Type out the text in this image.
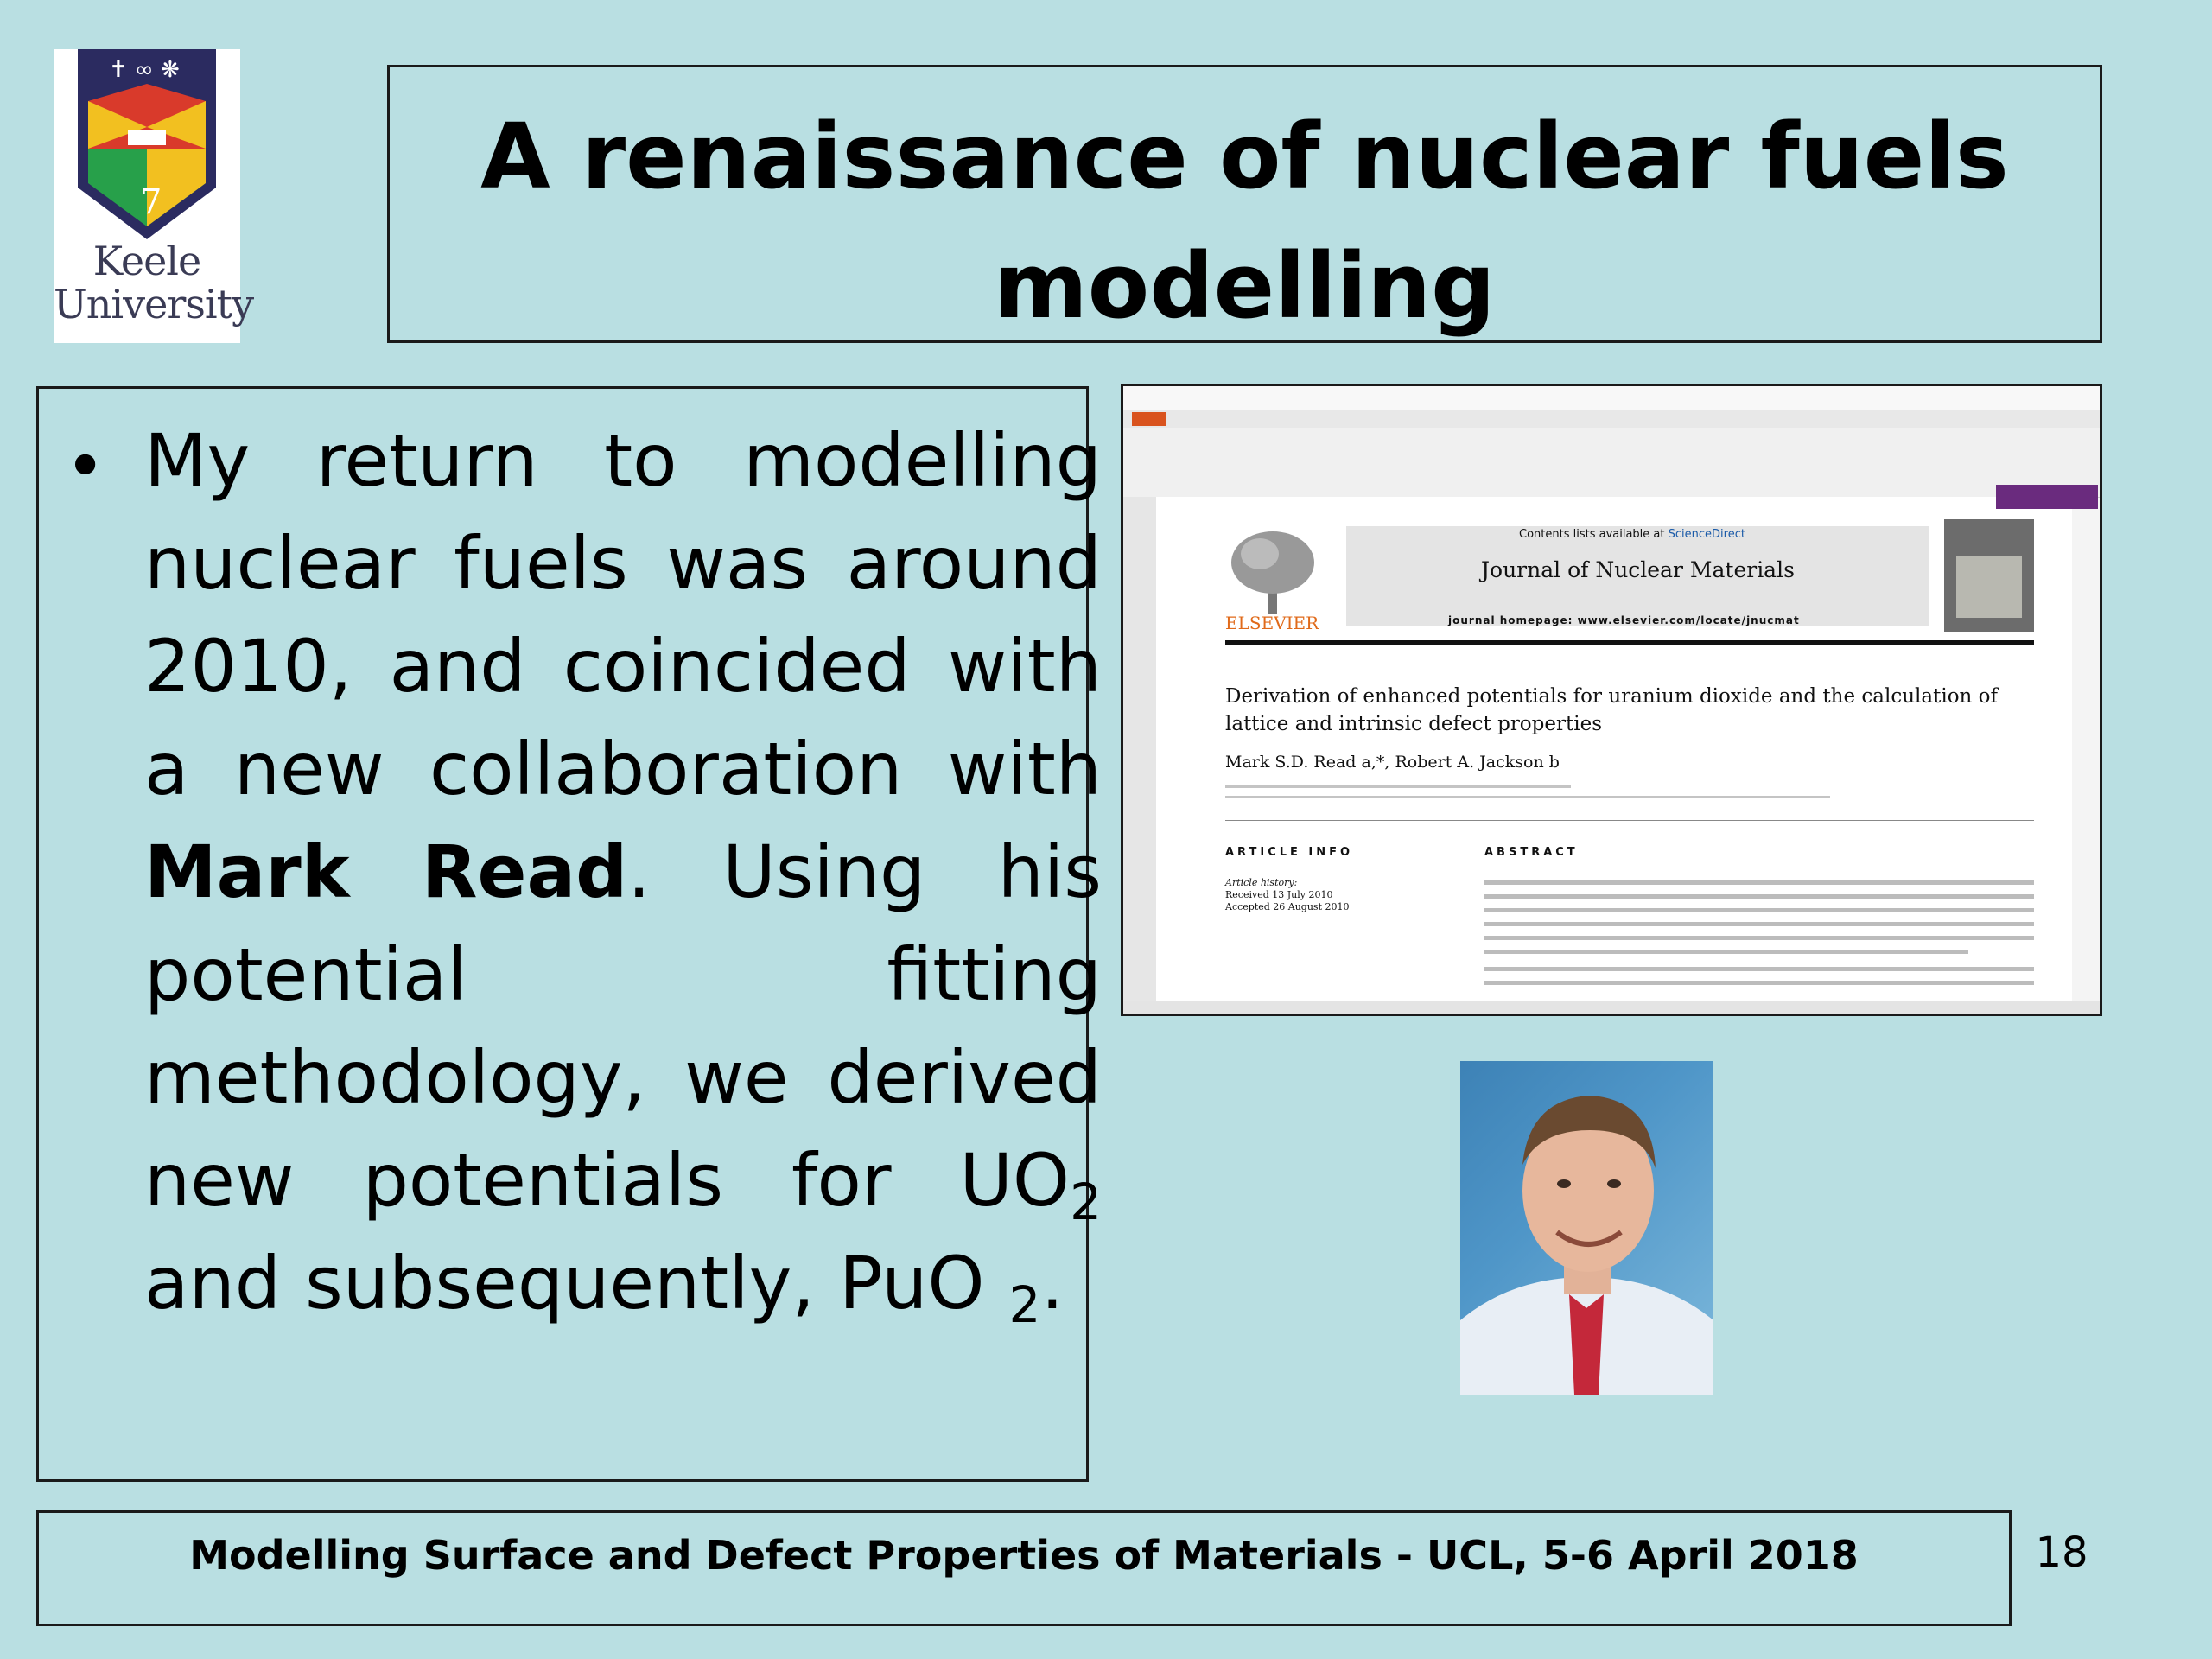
✝ ∞ ❋
7
Keele
University
A renaissance of nuclear fuels
modelling
• My return to modelling
nuclear fuels was around
2010, and coincided with
a new collaboration with
Mark Read. Using his
potential	fitting
methodology, we derived
new potentials for $UO_2$
and subsequently, PuO $_2$.
ELSEVIER
Contents lists available at ScienceDirect
Journal of Nuclear Materials
journal homepage: www.elsevier.com/locate/jnucmat
Derivation of enhanced potentials for uranium dioxide and the calculation of
lattice and intrinsic defect properties
Mark S.D. Read a,*, Robert A. Jackson b
ARTICLE INFO	ABSTRACT
Article history:
Received 13 July 2010
Accepted 26 August 2010
Modelling Surface and Defect Properties of Materials - UCL, 5-6 April 2018	18
